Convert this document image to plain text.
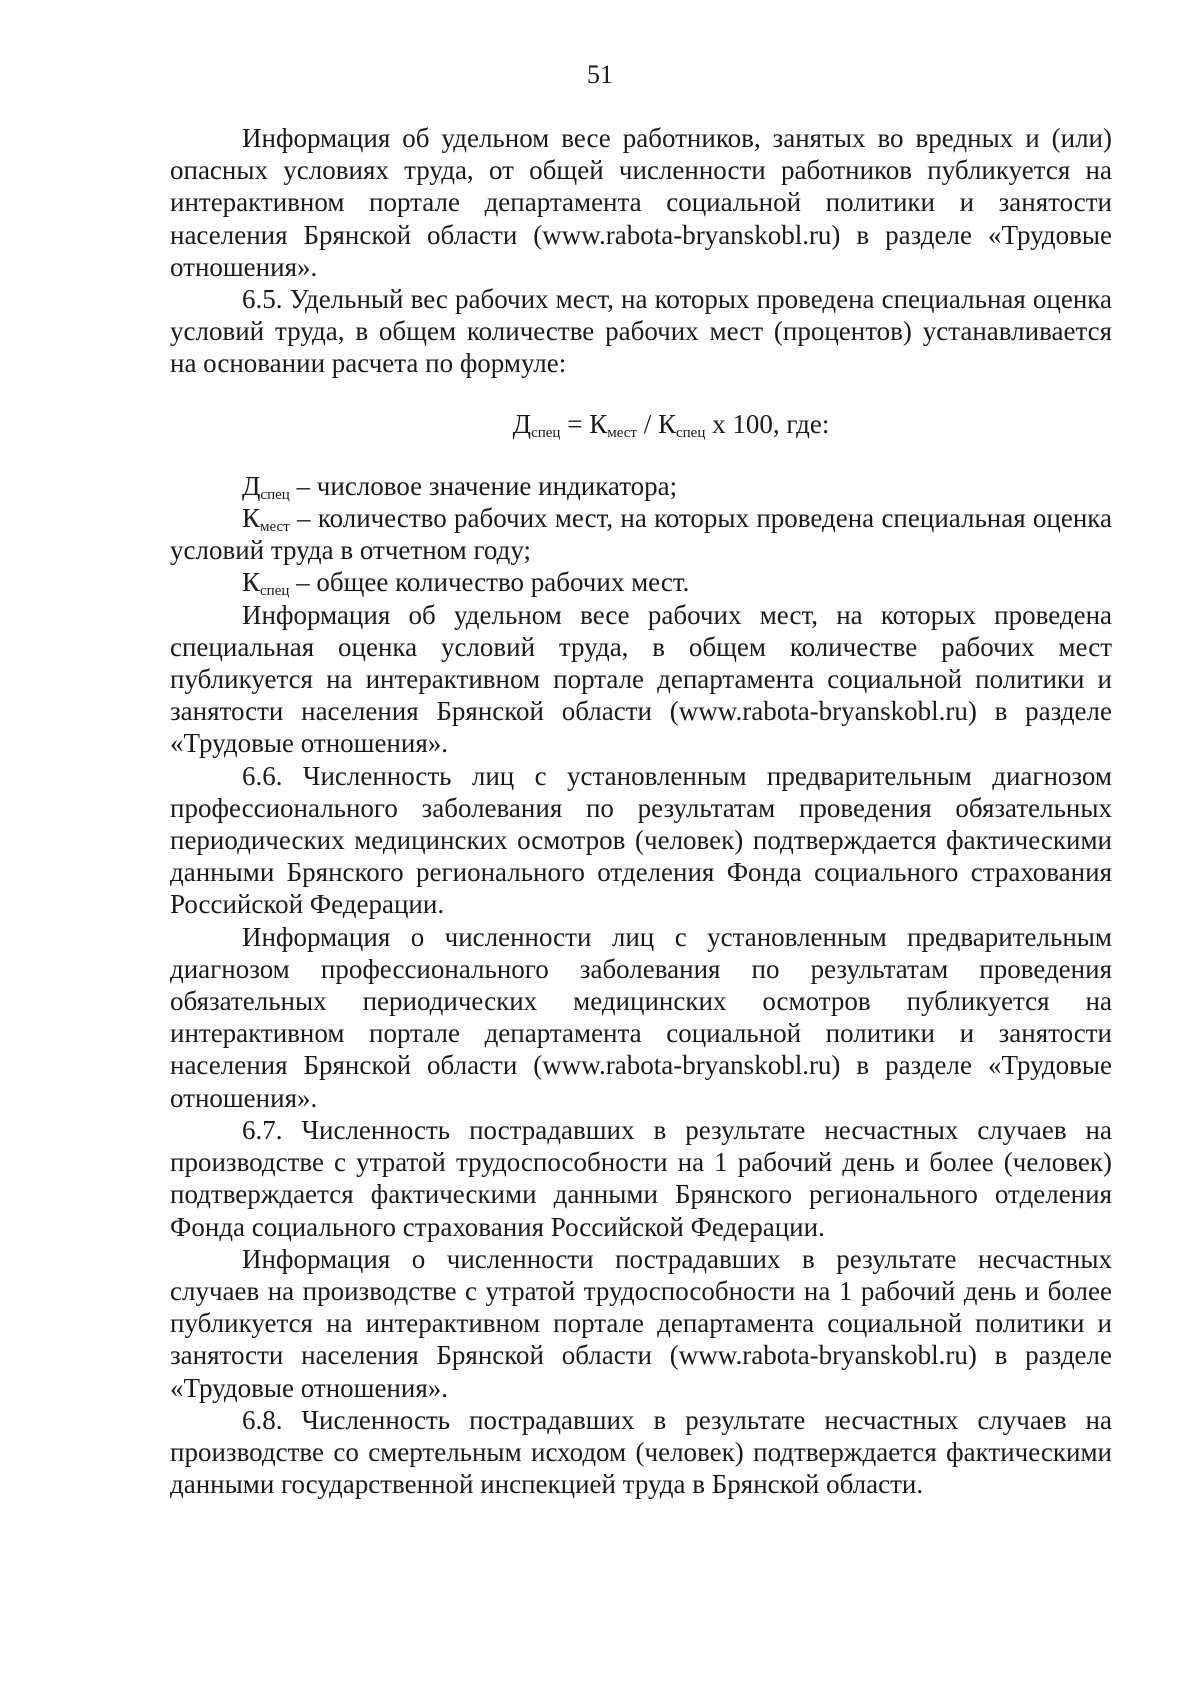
51

Информация об удельном весе работников, занятых во вредных и (или) опасных условиях труда, от общей численности работников публикуется на интерактивном портале департамента социальной политики и занятости населения Брянской области (www.rabota-bryanskobl.ru) в разделе «Трудовые отношения».

6.5. Удельный вес рабочих мест, на которых проведена специальная оценка условий труда, в общем количестве рабочих мест (процентов) устанавливается на основании расчета по формуле:

$Д_{спец} = К_{мест} / К_{спец}$ x 100, где:

$Д_{спец}$ – числовое значение индикатора;

$К_{мест}$ – количество рабочих мест, на которых проведена специальная оценка условий труда в отчетном году;

$К_{спец}$ – общее количество рабочих мест.

Информация об удельном весе рабочих мест, на которых проведена специальная оценка условий труда, в общем количестве рабочих мест публикуется на интерактивном портале департамента социальной политики и занятости населения Брянской области (www.rabota-bryanskobl.ru) в разделе «Трудовые отношения».

6.6. Численность лиц с установленным предварительным диагнозом профессионального заболевания по результатам проведения обязательных периодических медицинских осмотров (человек) подтверждается фактическими данными Брянского регионального отделения Фонда социального страхования Российской Федерации.

Информация о численности лиц с установленным предварительным диагнозом профессионального заболевания по результатам проведения обязательных периодических медицинских осмотров публикуется на интерактивном портале департамента социальной политики и занятости населения Брянской области (www.rabota-bryanskobl.ru) в разделе «Трудовые отношения».

6.7. Численность пострадавших в результате несчастных случаев на производстве с утратой трудоспособности на 1 рабочий день и более (человек) подтверждается фактическими данными Брянского регионального отделения Фонда социального страхования Российской Федерации.

Информация о численности пострадавших в результате несчастных случаев на производстве с утратой трудоспособности на 1 рабочий день и более публикуется на интерактивном портале департамента социальной политики и занятости населения Брянской области (www.rabota-bryanskobl.ru) в разделе «Трудовые отношения».

6.8. Численность пострадавших в результате несчастных случаев на производстве со смертельным исходом (человек) подтверждается фактическими данными государственной инспекцией труда в Брянской области.
